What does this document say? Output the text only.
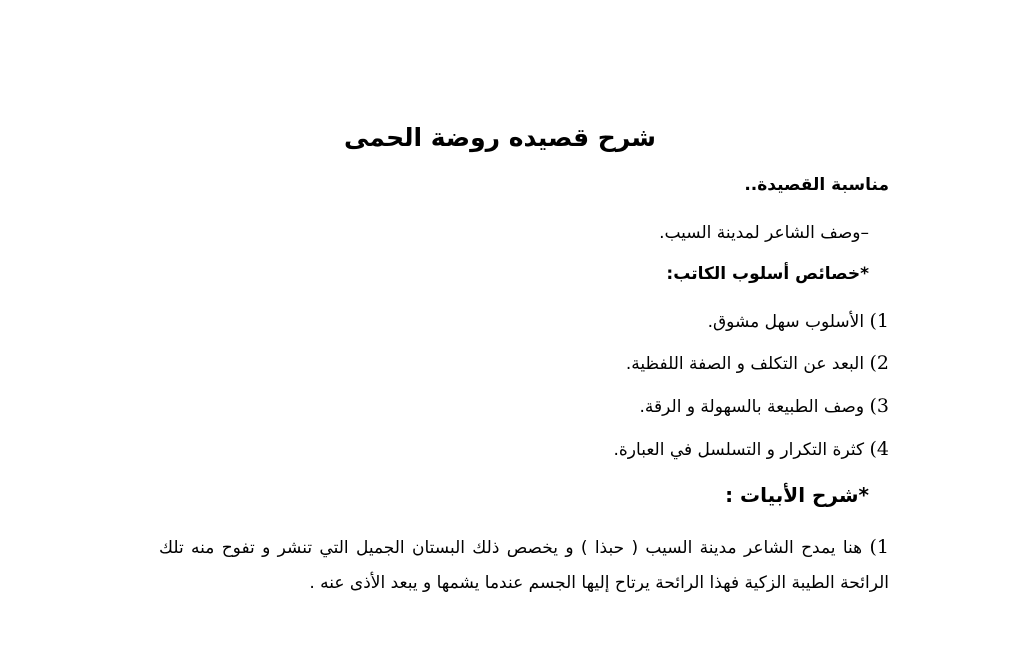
شرح قصيده روضة الحمى
مناسبة القصيدة..
–وصف الشاعر لمدينة السيب.
*خصائص أسلوب الكاتب:
1) الأسلوب سهل مشوق.
2) البعد عن التكلف و الصفة اللفظية.
3) وصف الطبيعة بالسهولة و الرقة.
4) كثرة التكرار و التسلسل في العبارة.
*شرح الأبيات :
1) هنا يمدح الشاعر مدينة السيب ( حبذا ) و يخصص ذلك البستان الجميل التي تنشر و تفوح منه تلك الرائحة الطيبة الزكية فهذا الرائحة يرتاح إليها الجسم عندما يشمها و يبعد الأذى عنه .
